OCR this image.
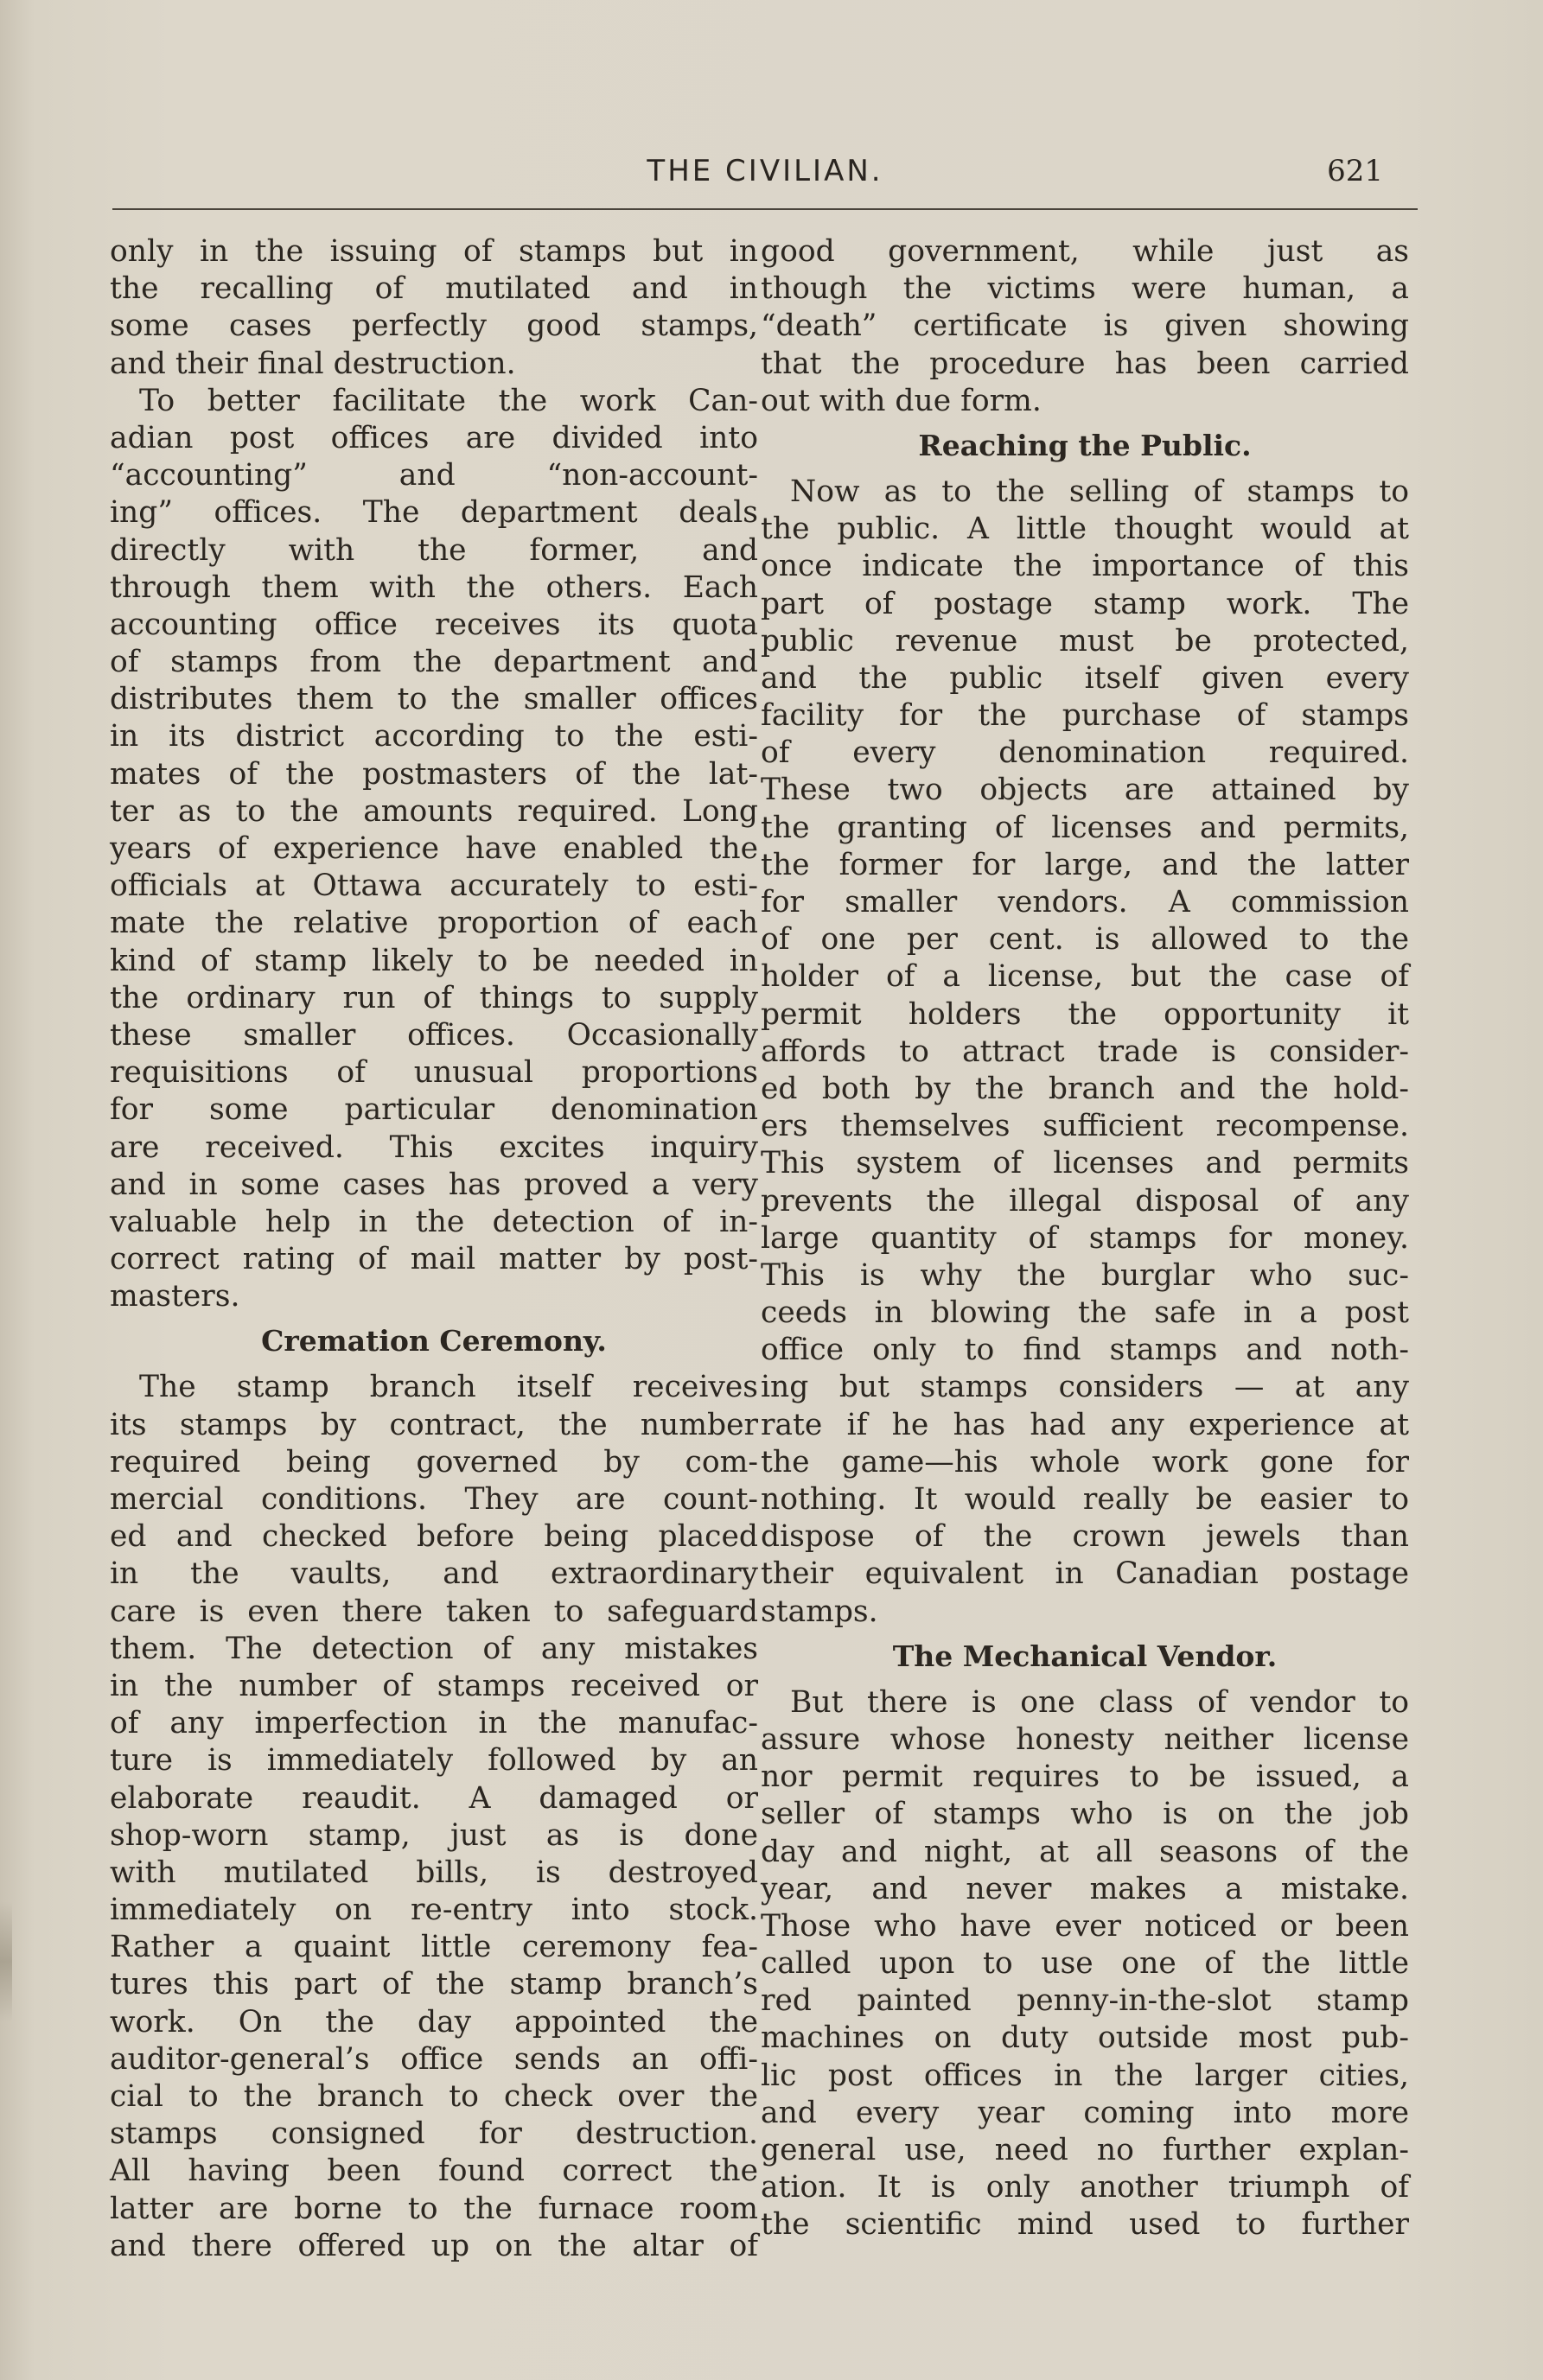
THE CIVILIAN.	621
only in the issuing of stamps but in
the recalling of mutilated and in
some cases perfectly good stamps,
and their final destruction.
To better facilitate the work Can-
adian post offices are divided into
“accounting” and “non-account-
ing” offices. The department deals
directly with the former, and
through them with the others. Each
accounting office receives its quota
of stamps from the department and
distributes them to the smaller offices
in its district according to the esti-
mates of the postmasters of the lat-
ter as to the amounts required. Long
years of experience have enabled the
officials at Ottawa accurately to esti-
mate the relative proportion of each
kind of stamp likely to be needed in
the ordinary run of things to supply
these smaller offices. Occasionally
requisitions of unusual proportions
for some particular denomination
are received. This excites inquiry
and in some cases has proved a very
valuable help in the detection of in-
correct rating of mail matter by post-
masters.
Cremation Ceremony.
The stamp branch itself receives
its stamps by contract, the number
required being governed by com-
mercial conditions. They are count-
ed and checked before being placed
in the vaults, and extraordinary
care is even there taken to safeguard
them. The detection of any mistakes
in the number of stamps received or
of any imperfection in the manufac-
ture is immediately followed by an
elaborate reaudit. A damaged or
shop-worn stamp, just as is done
with mutilated bills, is destroyed
immediately on re-entry into stock.
Rather a quaint little ceremony fea-
tures this part of the stamp branch’s
work. On the day appointed the
auditor-general’s office sends an offi-
cial to the branch to check over the
stamps consigned for destruction.
All having been found correct the
latter are borne to the furnace room
and there offered up on the altar of
good government, while just as
though the victims were human, a
“death” certificate is given showing
that the procedure has been carried
out with due form.
Reaching the Public.
Now as to the selling of stamps to
the public. A little thought would at
once indicate the importance of this
part of postage stamp work. The
public revenue must be protected,
and the public itself given every
facility for the purchase of stamps
of every denomination required.
These two objects are attained by
the granting of licenses and permits,
the former for large, and the latter
for smaller vendors. A commission
of one per cent. is allowed to the
holder of a license, but the case of
permit holders the opportunity it
affords to attract trade is consider-
ed both by the branch and the hold-
ers themselves sufficient recompense.
This system of licenses and permits
prevents the illegal disposal of any
large quantity of stamps for money.
This is why the burglar who suc-
ceeds in blowing the safe in a post
office only to find stamps and noth-
ing but stamps considers — at any
rate if he has had any experience at
the game—his whole work gone for
nothing. It would really be easier to
dispose of the crown jewels than
their equivalent in Canadian postage
stamps.
The Mechanical Vendor.
But there is one class of vendor to
assure whose honesty neither license
nor permit requires to be issued, a
seller of stamps who is on the job
day and night, at all seasons of the
year, and never makes a mistake.
Those who have ever noticed or been
called upon to use one of the little
red painted penny-in-the-slot stamp
machines on duty outside most pub-
lic post offices in the larger cities,
and every year coming into more
general use, need no further explan-
ation. It is only another triumph of
the scientific mind used to further
